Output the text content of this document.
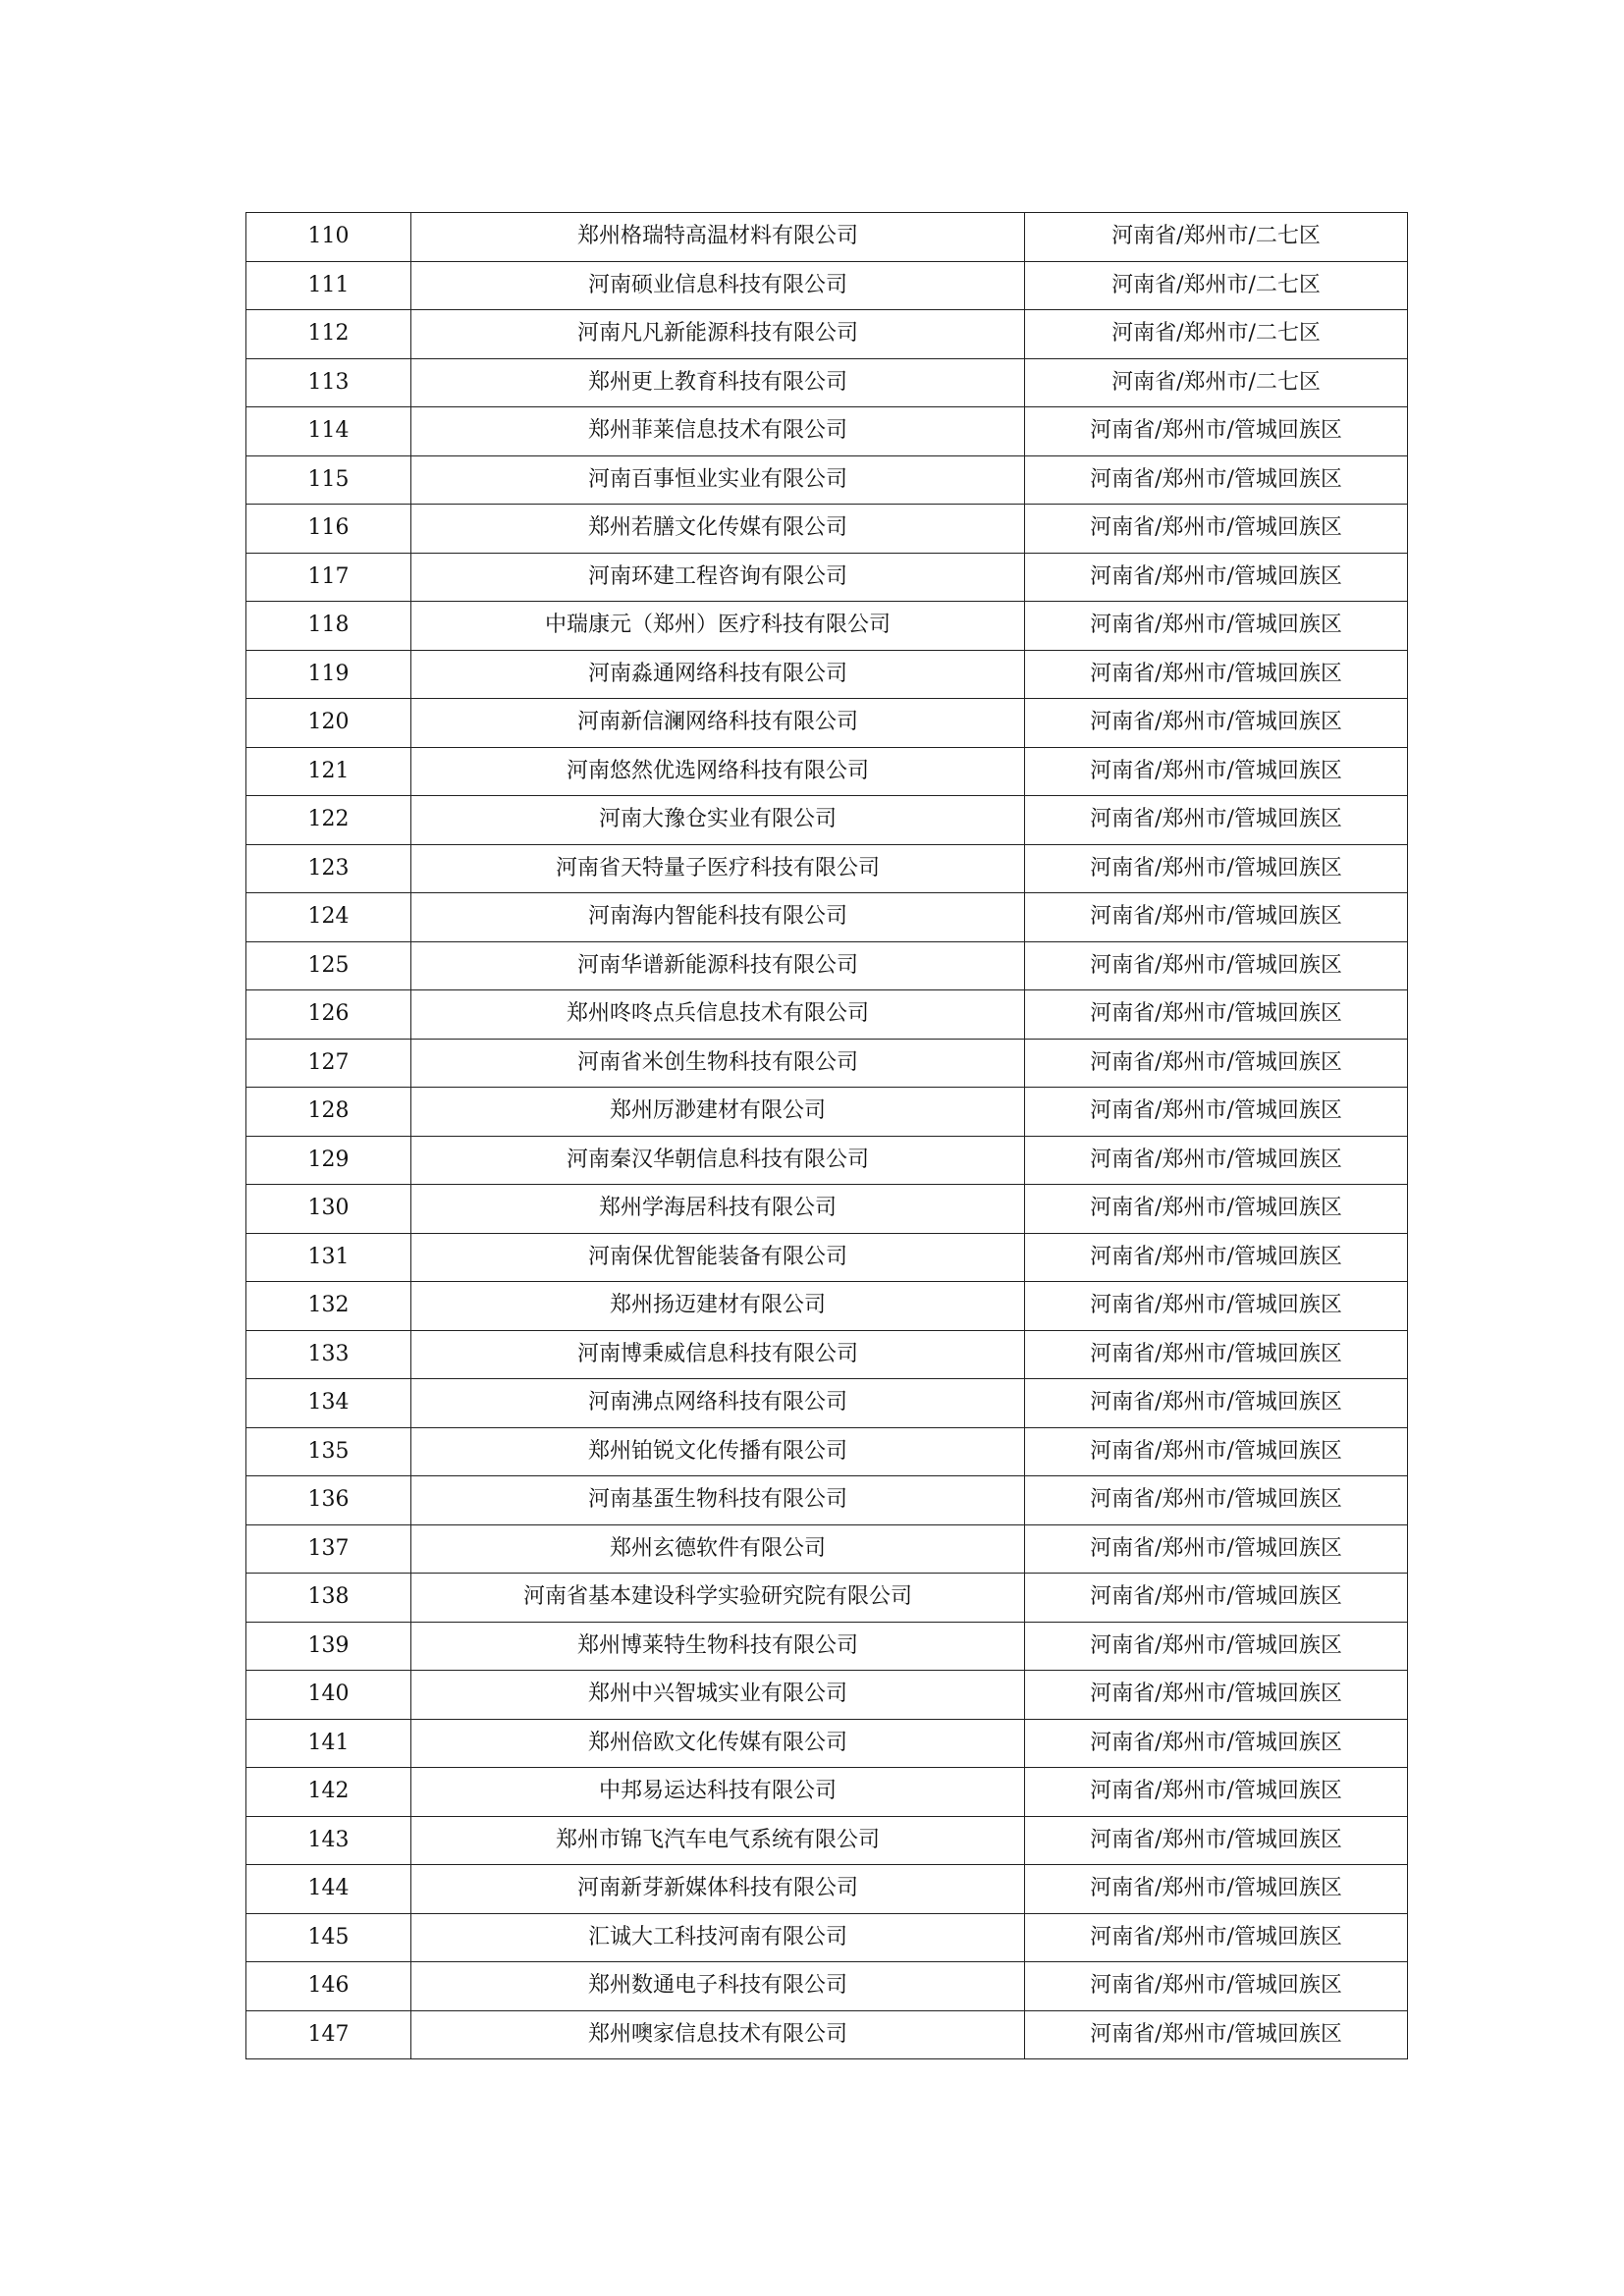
110	郑州格瑞特高温材料有限公司	河南省/郑州市/二七区
111	河南硕业信息科技有限公司	河南省/郑州市/二七区
112	河南凡凡新能源科技有限公司	河南省/郑州市/二七区
113	郑州更上教育科技有限公司	河南省/郑州市/二七区
114	郑州菲莱信息技术有限公司	河南省/郑州市/管城回族区
115	河南百事恒业实业有限公司	河南省/郑州市/管城回族区
116	郑州若膳文化传媒有限公司	河南省/郑州市/管城回族区
117	河南环建工程咨询有限公司	河南省/郑州市/管城回族区
118	中瑞康元（郑州）医疗科技有限公司	河南省/郑州市/管城回族区
119	河南淼通网络科技有限公司	河南省/郑州市/管城回族区
120	河南新信澜网络科技有限公司	河南省/郑州市/管城回族区
121	河南悠然优选网络科技有限公司	河南省/郑州市/管城回族区
122	河南大豫仓实业有限公司	河南省/郑州市/管城回族区
123	河南省天特量子医疗科技有限公司	河南省/郑州市/管城回族区
124	河南海内智能科技有限公司	河南省/郑州市/管城回族区
125	河南华谱新能源科技有限公司	河南省/郑州市/管城回族区
126	郑州咚咚点兵信息技术有限公司	河南省/郑州市/管城回族区
127	河南省米创生物科技有限公司	河南省/郑州市/管城回族区
128	郑州厉渺建材有限公司	河南省/郑州市/管城回族区
129	河南秦汉华朝信息科技有限公司	河南省/郑州市/管城回族区
130	郑州学海居科技有限公司	河南省/郑州市/管城回族区
131	河南保优智能装备有限公司	河南省/郑州市/管城回族区
132	郑州扬迈建材有限公司	河南省/郑州市/管城回族区
133	河南博秉威信息科技有限公司	河南省/郑州市/管城回族区
134	河南沸点网络科技有限公司	河南省/郑州市/管城回族区
135	郑州铂锐文化传播有限公司	河南省/郑州市/管城回族区
136	河南基蛋生物科技有限公司	河南省/郑州市/管城回族区
137	郑州玄德软件有限公司	河南省/郑州市/管城回族区
138	河南省基本建设科学实验研究院有限公司	河南省/郑州市/管城回族区
139	郑州博莱特生物科技有限公司	河南省/郑州市/管城回族区
140	郑州中兴智城实业有限公司	河南省/郑州市/管城回族区
141	郑州倍欧文化传媒有限公司	河南省/郑州市/管城回族区
142	中邦易运达科技有限公司	河南省/郑州市/管城回族区
143	郑州市锦飞汽车电气系统有限公司	河南省/郑州市/管城回族区
144	河南新芽新媒体科技有限公司	河南省/郑州市/管城回族区
145	汇诚大工科技河南有限公司	河南省/郑州市/管城回族区
146	郑州数通电子科技有限公司	河南省/郑州市/管城回族区
147	郑州噢家信息技术有限公司	河南省/郑州市/管城回族区
